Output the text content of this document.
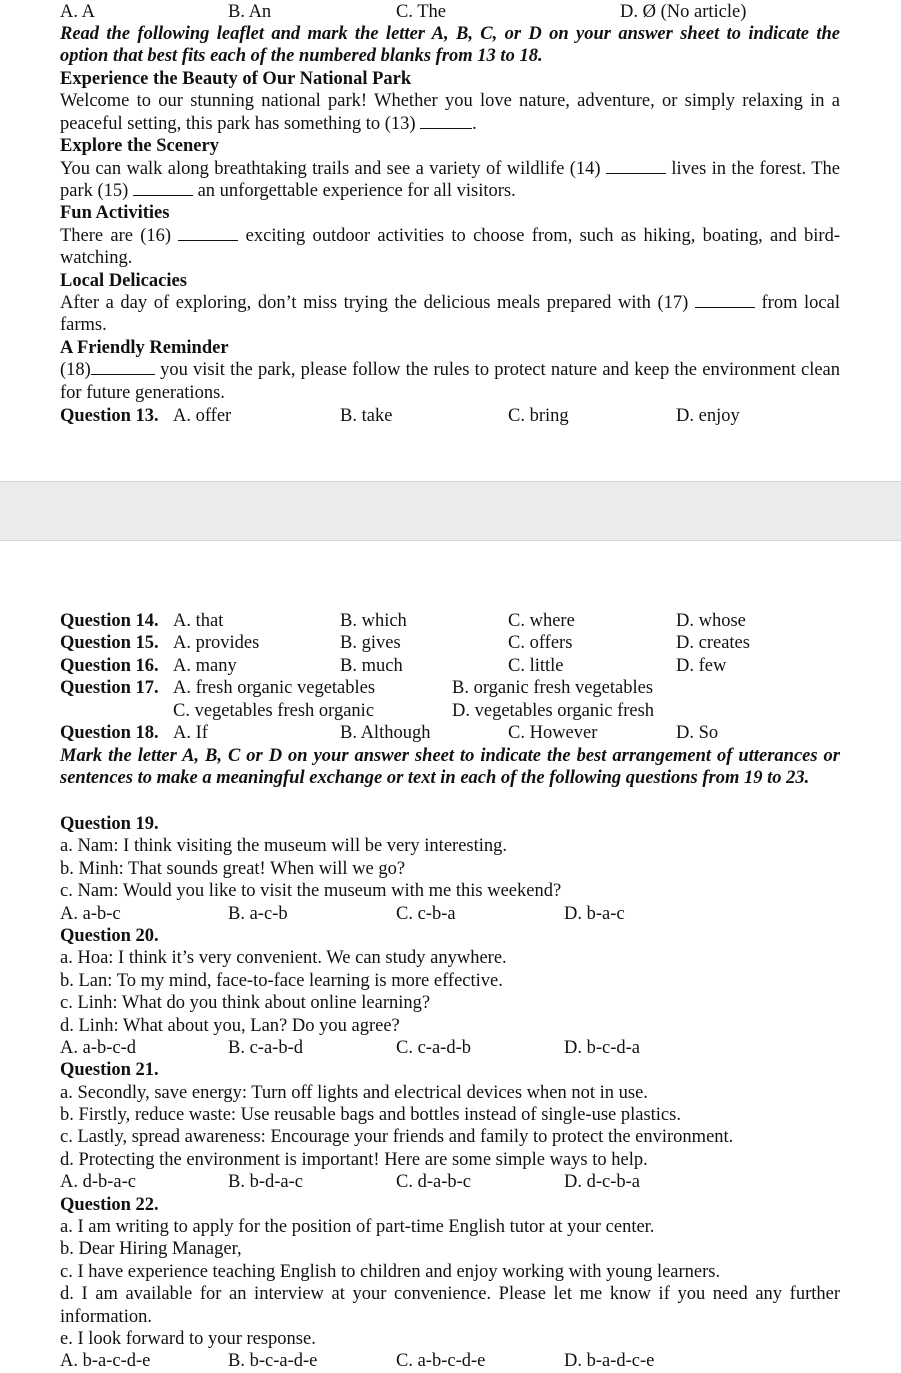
A. A	B. An	C. The	D. Ø (No article)
Read the following leaflet and mark the letter A, B, C, or D on your answer sheet to indicate the option that best fits each of the numbered blanks from 13 to 18.
Experience the Beauty of Our National Park
Welcome to our stunning national park! Whether you love nature, adventure, or simply relaxing in a peaceful setting, this park has something to (13)	.
Explore the Scenery
You can walk along breathtaking trails and see a variety of wildlife (14)	lives in the forest. The park (15)	an unforgettable experience for all visitors.
Fun Activities
There are (16)	exciting outdoor activities to choose from, such as hiking, boating, and bird-watching.
Local Delicacies
After a day of exploring, don’t miss trying the delicious meals prepared with (17)	from local farms.
A Friendly Reminder
(18)	you visit the park, please follow the rules to protect nature and keep the environment clean for future generations.
Question 13. A. offer	B. take	C. bring	D. enjoy
Question 14. A. that	B. which	C. where	D. whose
Question 15. A. provides	B. gives	C. offers	D. creates
Question 16. A. many	B. much	C. little	D. few
Question 17. A. fresh organic vegetables	B. organic fresh vegetables
C. vegetables fresh organic	D. vegetables organic fresh
Question 18. A. If	B. Although	C. However	D. So
Mark the letter A, B, C or D on your answer sheet to indicate the best arrangement of utterances or sentences to make a meaningful exchange or text in each of the following questions from 19 to 23.
Question 19.
a. Nam: I think visiting the museum will be very interesting.
b. Minh: That sounds great! When will we go?
c. Nam: Would you like to visit the museum with me this weekend?
A. a-b-c	B. a-c-b	C. c-b-a	D. b-a-c
Question 20.
a. Hoa: I think it’s very convenient. We can study anywhere.
b. Lan: To my mind, face-to-face learning is more effective.
c. Linh: What do you think about online learning?
d. Linh: What about you, Lan? Do you agree?
A. a-b-c-d	B. c-a-b-d	C. c-a-d-b	D. b-c-d-a
Question 21.
a. Secondly, save energy: Turn off lights and electrical devices when not in use.
b. Firstly, reduce waste: Use reusable bags and bottles instead of single-use plastics.
c. Lastly, spread awareness: Encourage your friends and family to protect the environment.
d. Protecting the environment is important! Here are some simple ways to help.
A. d-b-a-c	B. b-d-a-c	C. d-a-b-c	D. d-c-b-a
Question 22.
a. I am writing to apply for the position of part-time English tutor at your center.
b. Dear Hiring Manager,
c. I have experience teaching English to children and enjoy working with young learners.
d. I am available for an interview at your convenience. Please let me know if you need any further information.
e. I look forward to your response.
A. b-a-c-d-e	B. b-c-a-d-e	C. a-b-c-d-e	D. b-a-d-c-e
